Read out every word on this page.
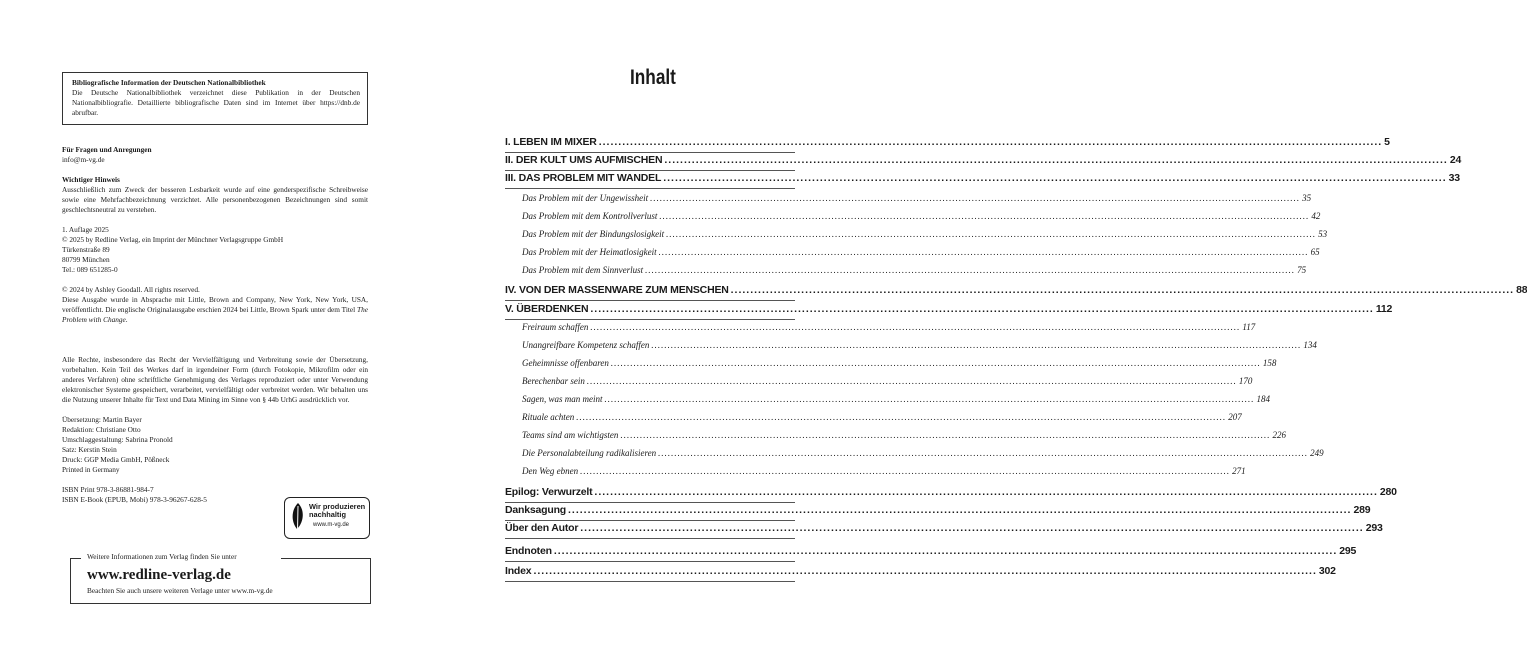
Bibliografische Information der Deutschen Nationalbibliothek
Die Deutsche Nationalbibliothek verzeichnet diese Publikation in der Deutschen Nationalbibliografie. Detaillierte bibliografische Daten sind im Internet über https://dnb.de abrufbar.
Für Fragen und Anregungen
info@m-vg.de
Wichtiger Hinweis
Ausschließlich zum Zweck der besseren Lesbarkeit wurde auf eine genderspezifische Schreibweise sowie eine Mehrfachbezeichnung verzichtet. Alle personenbezogenen Bezeichnungen sind somit geschlechtsneutral zu verstehen.
1. Auflage 2025
© 2025 by Redline Verlag, ein Imprint der Münchner Verlagsgruppe GmbH
Türkenstraße 89
80799 München
Tel.: 089 651285-0
© 2024 by Ashley Goodall. All rights reserved.
Diese Ausgabe wurde in Absprache mit Little, Brown and Company, New York, New York, USA, veröffentlicht. Die englische Originalausgabe erschien 2024 bei Little, Brown Spark unter dem Titel The Problem with Change.
Alle Rechte, insbesondere das Recht der Vervielfältigung und Verbreitung sowie der Übersetzung, vorbehalten. Kein Teil des Werkes darf in irgendeiner Form (durch Fotokopie, Mikrofilm oder ein anderes Verfahren) ohne schriftliche Genehmigung des Verlages reproduziert oder unter Verwendung elektronischer Systeme gespeichert, verarbeitet, vervielfältigt oder verbreitet werden. Wir behalten uns die Nutzung unserer Inhalte für Text und Data Mining im Sinne von § 44b UrhG ausdrücklich vor.
Übersetzung: Martin Bayer
Redaktion: Christiane Otto
Umschlaggestaltung: Sabrina Pronold
Satz: Kerstin Stein
Druck: GGP Media GmbH, Pößneck
Printed in Germany
ISBN Print 978-3-86881-984-7
ISBN E-Book (EPUB, Mobi) 978-3-96267-628-5
Wir produzieren
nachhaltig
www.m-vg.de
Weitere Informationen zum Verlag finden Sie unter
www.redline-verlag.de
Beachten Sie auch unsere weiteren Verlage unter www.m-vg.de
Inhalt
I. LEBEN IM MIXER ........................................................................................................................................................................................................ 5
II. DER KULT UMS AUFMISCHEN ........................................................................................................................................................................................................ 24
III. DAS PROBLEM MIT WANDEL ........................................................................................................................................................................................................ 33
Das Problem mit der Ungewissheit ........................................................................................................................................................................................................ 35
Das Problem mit dem Kontrollverlust ........................................................................................................................................................................................................ 42
Das Problem mit der Bindungslosigkeit ........................................................................................................................................................................................................ 53
Das Problem mit der Heimatlosigkeit ........................................................................................................................................................................................................ 65
Das Problem mit dem Sinnverlust ........................................................................................................................................................................................................ 75
IV. VON DER MASSENWARE ZUM MENSCHEN ........................................................................................................................................................................................................ 88
V. ÜBERDENKEN ........................................................................................................................................................................................................ 112
Freiraum schaffen ........................................................................................................................................................................................................ 117
Unangreifbare Kompetenz schaffen ........................................................................................................................................................................................................ 134
Geheimnisse offenbaren ........................................................................................................................................................................................................ 158
Berechenbar sein ........................................................................................................................................................................................................ 170
Sagen, was man meint ........................................................................................................................................................................................................ 184
Rituale achten ........................................................................................................................................................................................................ 207
Teams sind am wichtigsten ........................................................................................................................................................................................................ 226
Die Personalabteilung radikalisieren ........................................................................................................................................................................................................ 249
Den Weg ebnen ........................................................................................................................................................................................................ 271
Epilog: Verwurzelt ........................................................................................................................................................................................................ 280
Danksagung ........................................................................................................................................................................................................ 289
Über den Autor ........................................................................................................................................................................................................ 293
Endnoten ........................................................................................................................................................................................................ 295
Index ........................................................................................................................................................................................................ 302
